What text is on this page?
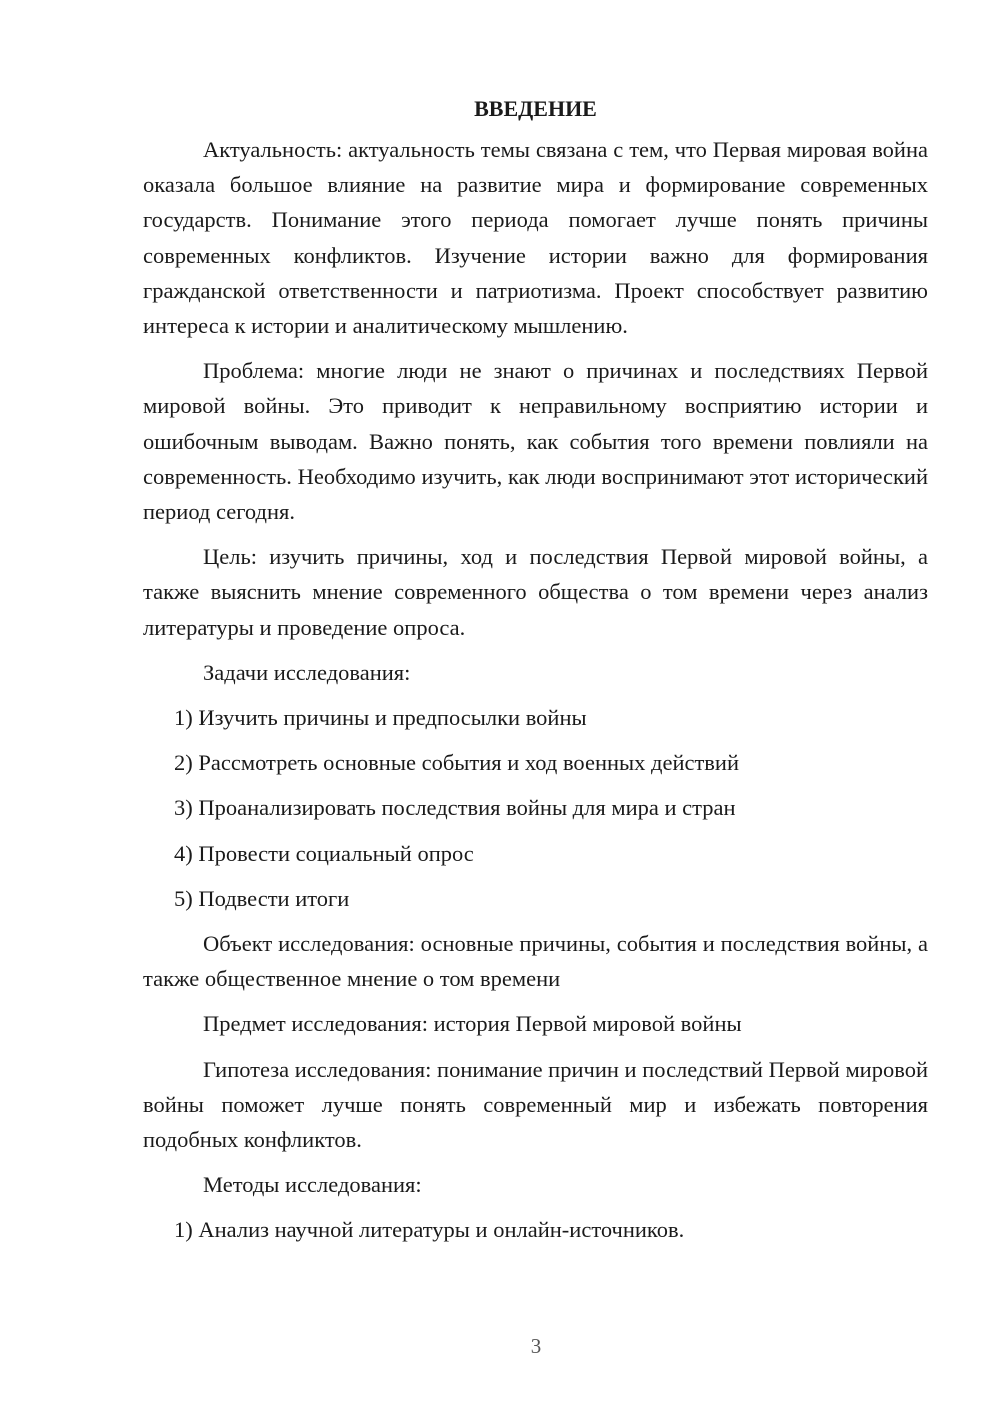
ВВЕДЕНИЕ

Актуальность: актуальность темы связана с тем, что Первая мировая война оказала большое влияние на развитие мира и формирование современных государств. Понимание этого периода помогает лучше понять причины современных конфликтов. Изучение истории важно для формирования гражданской ответственности и патриотизма. Проект способствует развитию интереса к истории и аналитическому мышлению.

Проблема: многие люди не знают о причинах и последствиях Первой мировой войны. Это приводит к неправильному восприятию истории и ошибочным выводам. Важно понять, как события того времени повлияли на современность. Необходимо изучить, как люди воспринимают этот исторический период сегодня.

Цель: изучить причины, ход и последствия Первой мировой войны, а также выяснить мнение современного общества о том времени через анализ литературы и проведение опроса.

Задачи исследования:

1) Изучить причины и предпосылки войны
2) Рассмотреть основные события и ход военных действий
3) Проанализировать последствия войны для мира и стран
4) Провести социальный опрос
5) Подвести итоги

Объект исследования: основные причины, события и последствия войны, а также общественное мнение о том времени

Предмет исследования: история Первой мировой войны

Гипотеза исследования: понимание причин и последствий Первой мировой войны поможет лучше понять современный мир и избежать повторения подобных конфликтов.

Методы исследования:

1) Анализ научной литературы и онлайн-источников.
3
